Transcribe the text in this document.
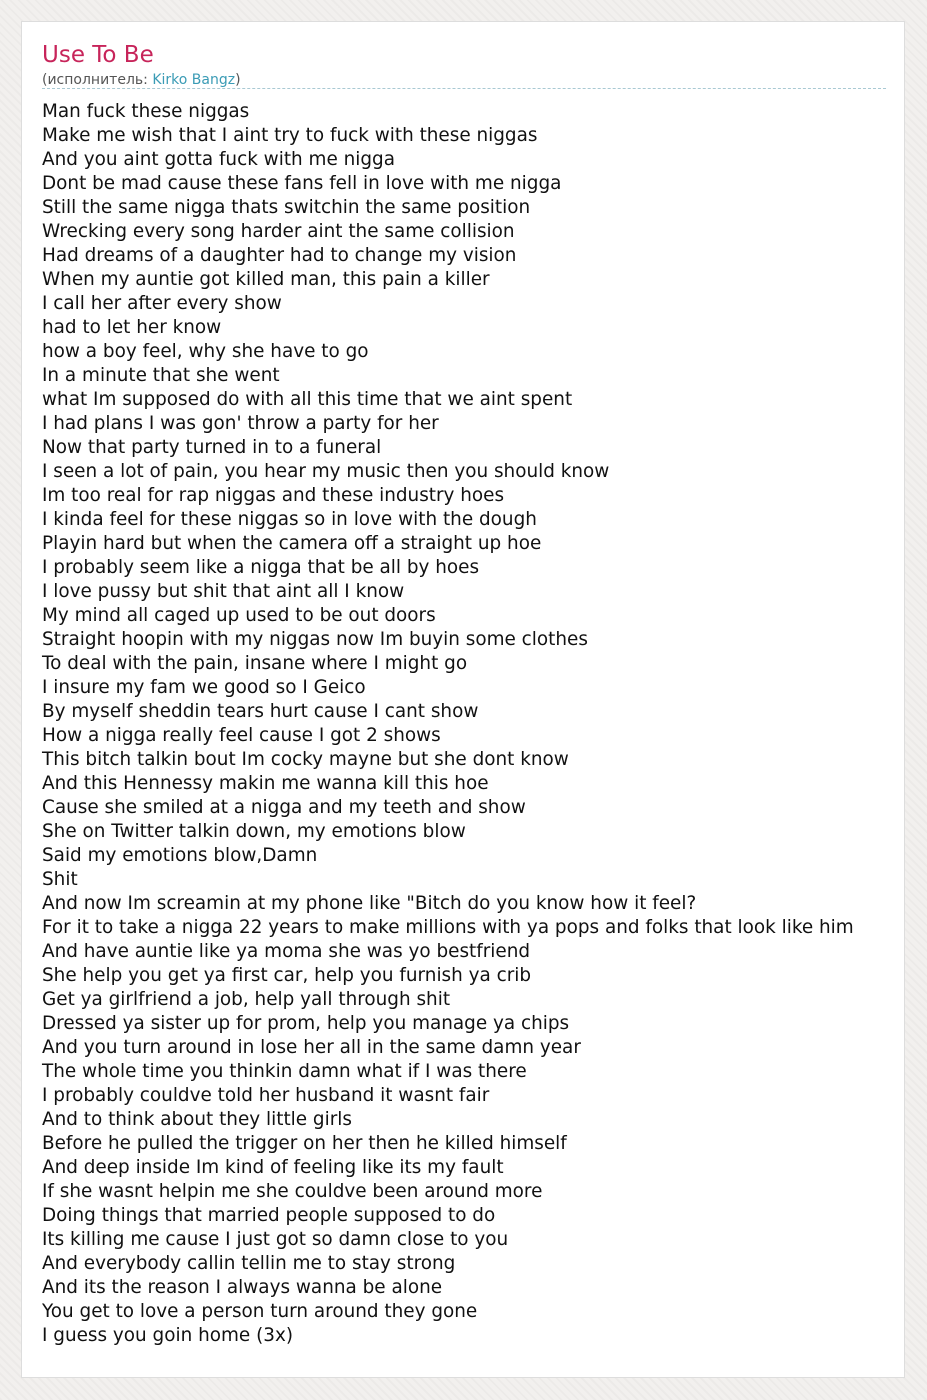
Use To Be
(исполнитель: Kirko Bangz)
Man fuck these niggas
Make me wish that I aint try to fuck with these niggas
And you aint gotta fuck with me nigga
Dont be mad cause these fans fell in love with me nigga
Still the same nigga thats switchin the same position
Wrecking every song harder aint the same collision
Had dreams of a daughter had to change my vision
When my auntie got killed man, this pain a killer
I call her after every show
had to let her know
how a boy feel, why she have to go
In a minute that she went
what Im supposed do with all this time that we aint spent
I had plans I was gon' throw a party for her
Now that party turned in to a funeral
I seen a lot of pain, you hear my music then you should know
Im too real for rap niggas and these industry hoes
I kinda feel for these niggas so in love with the dough
Playin hard but when the camera off a straight up hoe
I probably seem like a nigga that be all by hoes
I love pussy but shit that aint all I know
My mind all caged up used to be out doors
Straight hoopin with my niggas now Im buyin some clothes
To deal with the pain, insane where I might go
I insure my fam we good so I Geico
By myself sheddin tears hurt cause I cant show
How a nigga really feel cause I got 2 shows
This bitch talkin bout Im cocky mayne but she dont know
And this Hennessy makin me wanna kill this hoe
Cause she smiled at a nigga and my teeth and show
She on Twitter talkin down, my emotions blow
Said my emotions blow,Damn
Shit
And now Im screamin at my phone like "Bitch do you know how it feel?
For it to take a nigga 22 years to make millions with ya pops and folks that look like him
And have auntie like ya moma she was yo bestfriend
She help you get ya first car, help you furnish ya crib
Get ya girlfriend a job, help yall through shit
Dressed ya sister up for prom, help you manage ya chips
And you turn around in lose her all in the same damn year
The whole time you thinkin damn what if I was there
I probably couldve told her husband it wasnt fair
And to think about they little girls
Before he pulled the trigger on her then he killed himself
And deep inside Im kind of feeling like its my fault
If she wasnt helpin me she couldve been around more
Doing things that married people supposed to do
Its killing me cause I just got so damn close to you
And everybody callin tellin me to stay strong
And its the reason I always wanna be alone
You get to love a person turn around they gone
I guess you goin home (3x)
